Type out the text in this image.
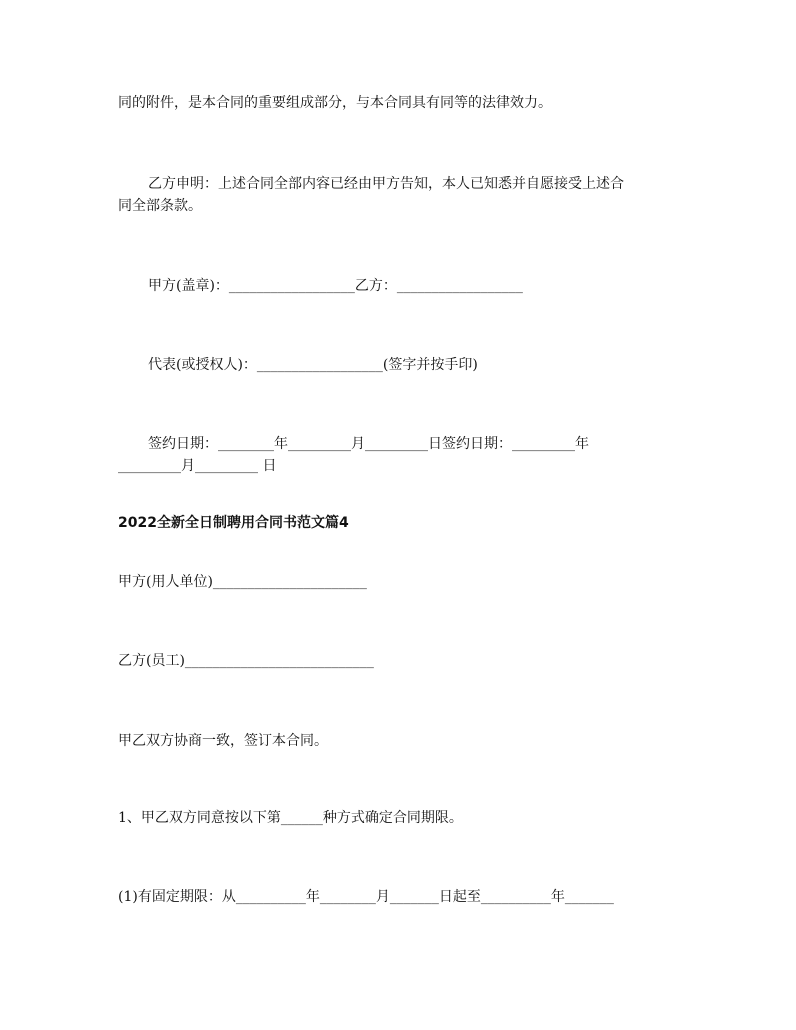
同的附件，是本合同的重要组成部分，与本合同具有同等的法律效力。

乙方申明：上述合同全部内容已经由甲方告知，本人已知悉并自愿接受上述合

同全部条款。

甲方(盖章)：__________________乙方：__________________

代表(或授权人)：__________________(签字并按手印)

签约日期：________年_________月_________日签约日期：_________年

_________月_________ 日

2022全新全日制聘用合同书范文篇4

甲方(用人单位)______________________

乙方(员工)___________________________

甲乙双方协商一致，签订本合同。

1、甲乙双方同意按以下第______种方式确定合同期限。

(1)有固定期限：从__________年________月_______日起至__________年_______
